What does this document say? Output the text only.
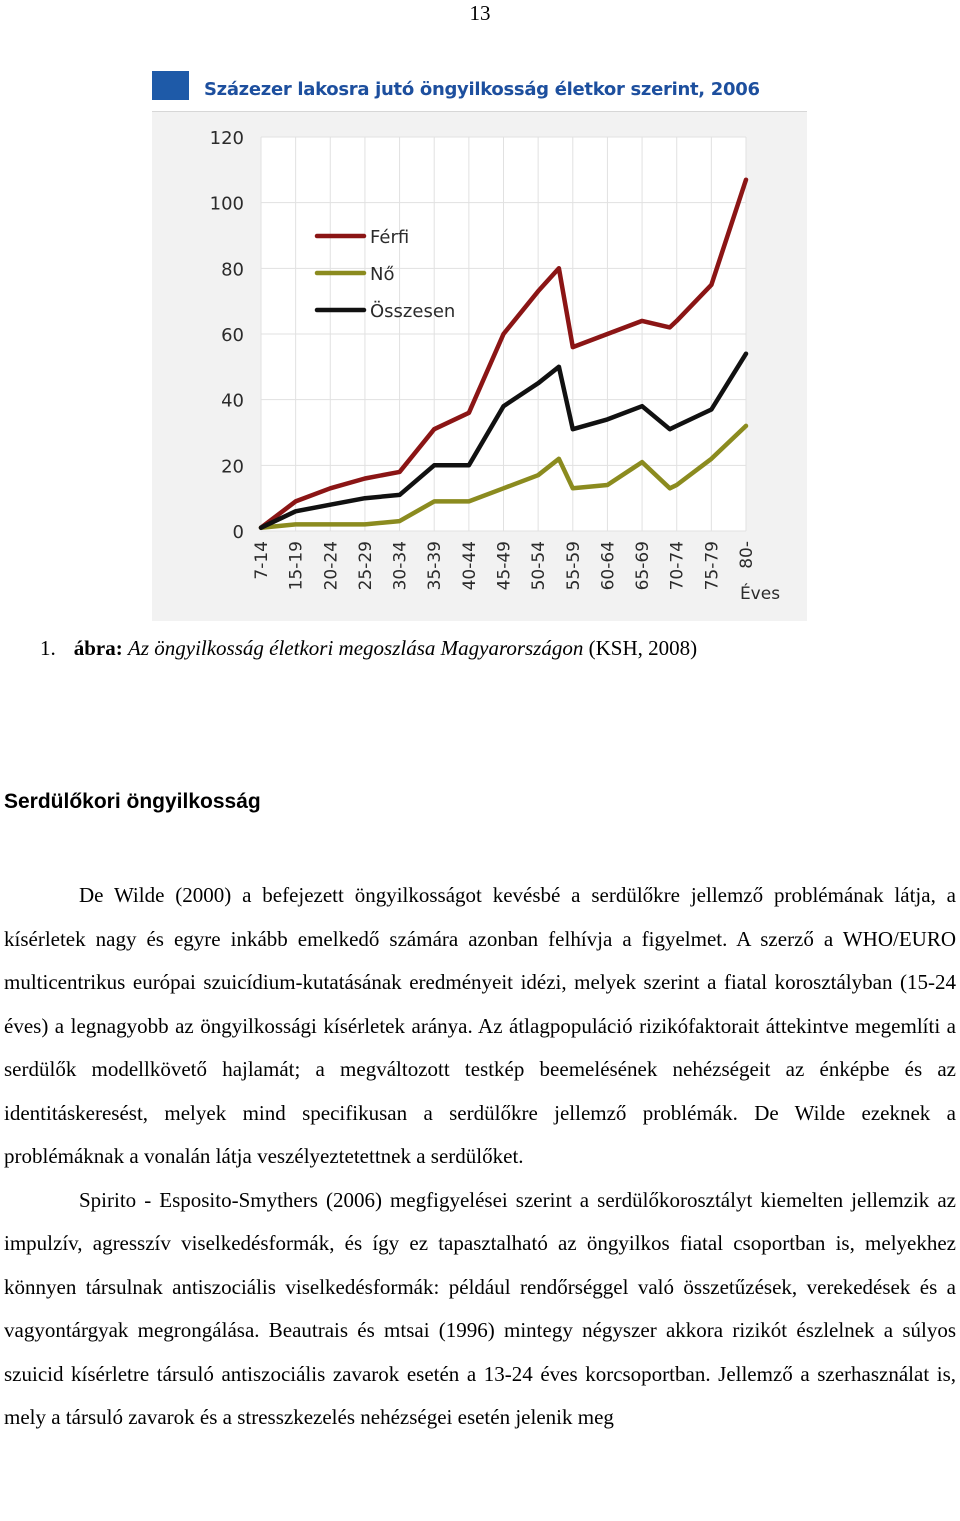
13
Százezer lakosra jutó öngyilkosság életkor szerint, 2006
0
20
40
60
80
100
120
7-14 15-19 20-24 25-29 30-34 35-39 40-44 45-49 50-54 55-59 60-64 65-69 70-74 75-79 80-
Éves
Férfi
Nő
Összesen
1. ábra: Az öngyilkosság életkori megoszlása Magyarországon (KSH, 2008)
Serdülőkori öngyilkosság

De Wilde (2000) a befejezett öngyilkosságot kevésbé a serdülőkre jellemző problémának látja, a kísérletek nagy és egyre inkább emelkedő számára azonban felhívja a figyelmet. A szerző a WHO/EURO multicentrikus európai szuicídium-kutatásának eredményeit idézi, melyek szerint a fiatal korosztályban (15-24 éves) a legnagyobb az öngyilkossági kísérletek aránya. Az átlagpopuláció rizikófaktorait áttekintve megemlíti a serdülők modellkövető hajlamát; a megváltozott testkép beemelésének nehézségeit az énképbe és az identitáskeresést, melyek mind specifikusan a serdülőkre jellemző problémák. De Wilde ezeknek a problémáknak a vonalán látja veszélyeztetettnek a serdülőket.

Spirito - Esposito-Smythers (2006) megfigyelései szerint a serdülőkorosztályt kiemelten jellemzik az impulzív, agresszív viselkedésformák, és így ez tapasztalható az öngyilkos fiatal csoportban is, melyekhez könnyen társulnak antiszociális viselkedésformák: például rendőrséggel való összetűzések, verekedések és a vagyontárgyak megrongálása. Beautrais és mtsai (1996) mintegy négyszer akkora rizikót észlelnek a súlyos szuicid kísérletre társuló antiszociális zavarok esetén a 13-24 éves korcsoportban. Jellemző a szerhasználat is, mely a társuló zavarok és a stresszkezelés nehézségei esetén jelenik meg
